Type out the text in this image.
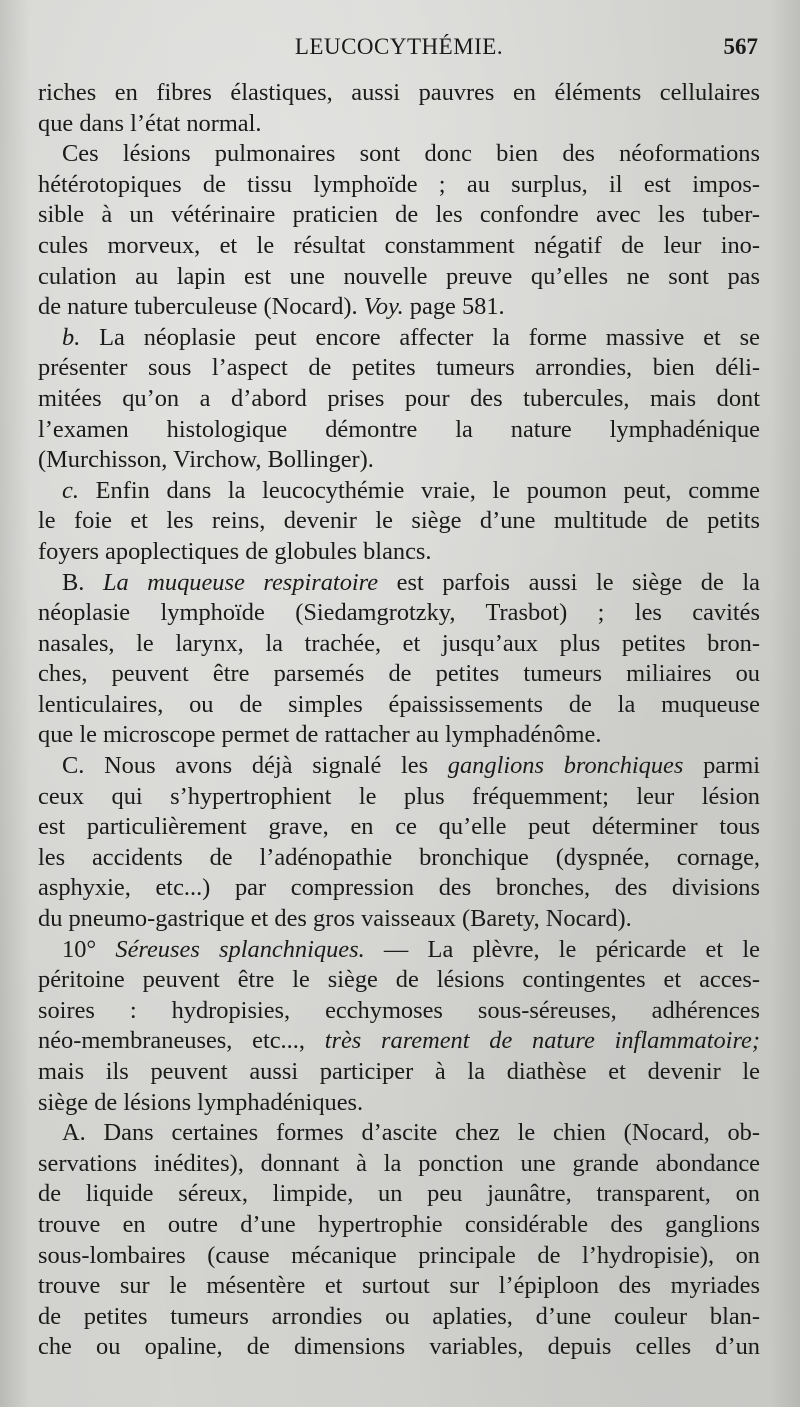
LEUCOCYTHÉMIE.	567
riches en fibres élastiques, aussi pauvres en éléments cellulaires
que dans l’état normal.
Ces lésions pulmonaires sont donc bien des néoformations
hétérotopiques de tissu lymphoïde ; au surplus, il est impos-
sible à un vétérinaire praticien de les confondre avec les tuber-
cules morveux, et le résultat constamment négatif de leur ino-
culation au lapin est une nouvelle preuve qu’elles ne sont pas
de nature tuberculeuse (Nocard). Voy. page 581.
b. La néoplasie peut encore affecter la forme massive et se
présenter sous l’aspect de petites tumeurs arrondies, bien déli-
mitées qu’on a d’abord prises pour des tubercules, mais dont
l’examen histologique démontre la nature lymphadénique
(Murchisson, Virchow, Bollinger).
c. Enfin dans la leucocythémie vraie, le poumon peut, comme
le foie et les reins, devenir le siège d’une multitude de petits
foyers apoplectiques de globules blancs.
B. La muqueuse respiratoire est parfois aussi le siège de la
néoplasie lymphoïde (Siedamgrotzky, Trasbot) ; les cavités
nasales, le larynx, la trachée, et jusqu’aux plus petites bron-
ches, peuvent être parsemés de petites tumeurs miliaires ou
lenticulaires, ou de simples épaississements de la muqueuse
que le microscope permet de rattacher au lymphadénôme.
C. Nous avons déjà signalé les ganglions bronchiques parmi
ceux qui s’hypertrophient le plus fréquemment; leur lésion
est particulièrement grave, en ce qu’elle peut déterminer tous
les accidents de l’adénopathie bronchique (dyspnée, cornage,
asphyxie, etc...) par compression des bronches, des divisions
du pneumo-gastrique et des gros vaisseaux (Barety, Nocard).
10° Séreuses splanchniques. — La plèvre, le péricarde et le
péritoine peuvent être le siège de lésions contingentes et acces-
soires : hydropisies, ecchymoses sous-séreuses, adhérences
néo-membraneuses, etc..., très rarement de nature inflammatoire;
mais ils peuvent aussi participer à la diathèse et devenir le
siège de lésions lymphadéniques.
A. Dans certaines formes d’ascite chez le chien (Nocard, ob-
servations inédites), donnant à la ponction une grande abondance
de liquide séreux, limpide, un peu jaunâtre, transparent, on
trouve en outre d’une hypertrophie considérable des ganglions
sous-lombaires (cause mécanique principale de l’hydropisie), on
trouve sur le mésentère et surtout sur l’épiploon des myriades
de petites tumeurs arrondies ou aplaties, d’une couleur blan-
che ou opaline, de dimensions variables, depuis celles d’un
